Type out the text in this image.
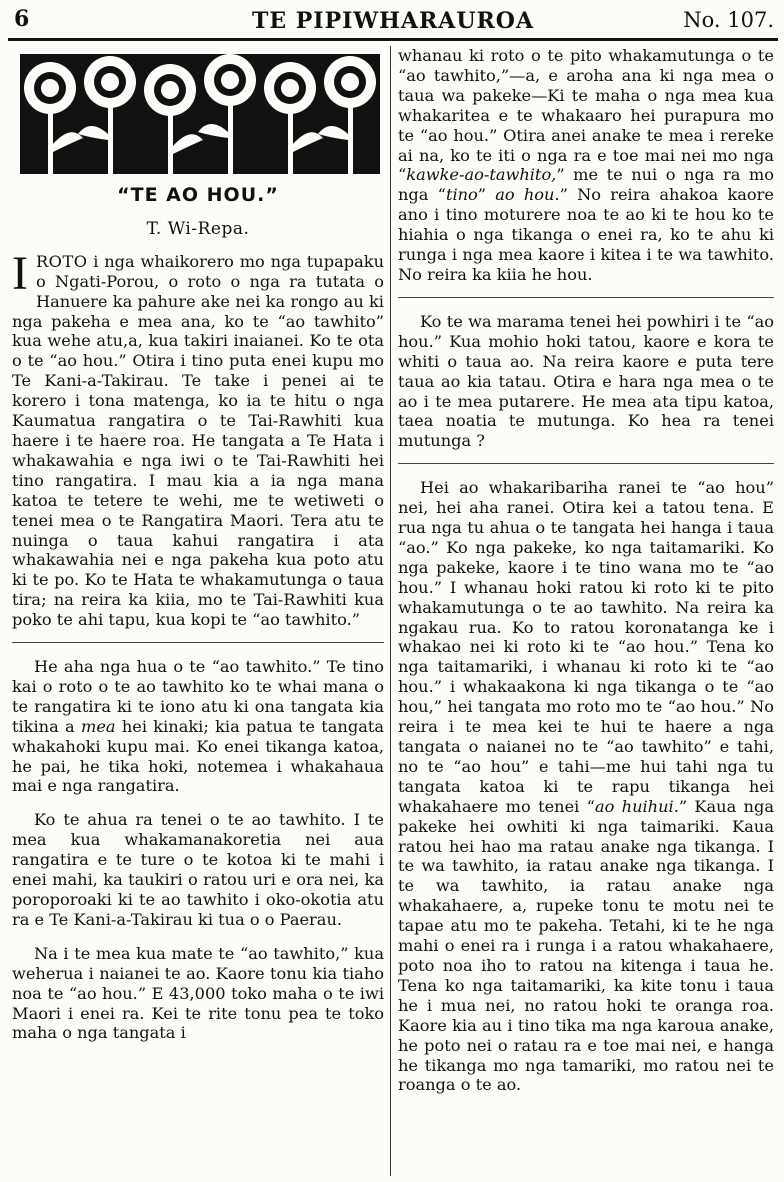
6	TE PIPIWHARAUROA	No. 107.
“TE AO HOU.”
T. Wi-Repa.

IROTO i nga whaikorero mo nga tupapaku o Ngati-Porou, o roto o nga ra tutata o Hanuere ka pahure ake nei ka rongo au ki nga pakeha e mea ana, ko te “ao tawhito” kua wehe atu,a, kua takiri inaianei. Ko te ota o te “ao hou.” Otira i tino puta enei kupu mo Te Kani-a-Takirau. Te take i penei ai te korero i tona matenga, ko ia te hitu o nga Kaumatua rangatira o te Tai-Rawhiti kua haere i te haere roa. He tangata a Te Hata i whakawahia e nga iwi o te Tai-Rawhiti hei tino rangatira. I mau kia a ia nga mana katoa te tetere te wehi, me te wetiweti o tenei mea o te Rangatira Maori. Tera atu te nuinga o taua kahui rangatira i ata whakawahia nei e nga pakeha kua poto atu ki te po. Ko te Hata te whakamutunga o taua tira; na reira ka kiia, mo te Tai-Rawhiti kua poko te ahi tapu, kua kopi te “ao tawhito.”

He aha nga hua o te “ao tawhito.” Te tino kai o roto o te ao tawhito ko te whai mana o te rangatira ki te iono atu ki ona tangata kia tikina a mea hei kinaki; kia patua te tangata whakahoki kupu mai. Ko enei tikanga katoa, he pai, he tika hoki, notemea i whakahaua mai e nga rangatira.

Ko te ahua ra tenei o te ao tawhito. I te mea kua whakamanakoretia nei aua rangatira e te ture o te kotoa ki te mahi i enei mahi, ka taukiri o ratou uri e ora nei, ka poroporoaki ki te ao tawhito i oko-okotia atu ra e Te Kani-a-Takirau ki tua o o Paerau.

Na i te mea kua mate te “ao tawhito,” kua weherua i naianei te ao. Kaore tonu kia tiaho noa te “ao hou.” E 43,000 toko maha o te iwi Maori i enei ra. Kei te rite tonu pea te toko maha o nga tangata i

whanau ki roto o te pito whakamutunga o te “ao tawhito,”—a, e aroha ana ki nga mea o taua wa pakeke—Ki te maha o nga mea kua whakaritea e te whakaaro hei purapura mo te “ao hou.” Otira anei anake te mea i rereke ai na, ko te iti o nga ra e toe mai nei mo nga “kawke-ao-tawhito,” me te nui o nga ra mo nga “tino” ao hou.” No reira ahakoa kaore ano i tino moturere noa te ao ki te hou ko te hiahia o nga tikanga o enei ra, ko te ahu ki runga i nga mea kaore i kitea i te wa tawhito. No reira ka kiia he hou.

Ko te wa marama tenei hei powhiri i te “ao hou.” Kua mohio hoki tatou, kaore e kora te whiti o taua ao. Na reira kaore e puta tere taua ao kia tatau. Otira e hara nga mea o te ao i te mea putarere. He mea ata tipu katoa, taea noatia te mutunga. Ko hea ra tenei mutunga ?

Hei ao whakaribariha ranei te “ao hou” nei, hei aha ranei. Otira kei a tatou tena. E rua nga tu ahua o te tangata hei hanga i taua “ao.” Ko nga pakeke, ko nga taitamariki. Ko nga pakeke, kaore i te tino wana mo te “ao hou.” I whanau hoki ratou ki roto ki te pito whakamutunga o te ao tawhito. Na reira ka ngakau rua. Ko to ratou koronatanga ke i whakao nei ki roto ki te “ao hou.” Tena ko nga taitamariki, i whanau ki roto ki te “ao hou.” i whakaakona ki nga tikanga o te “ao hou,” hei tangata mo roto mo te “ao hou.” No reira i te mea kei te hui te haere a nga tangata o naianei no te “ao tawhito” e tahi, no te “ao hou” e tahi—me hui tahi nga tu tangata katoa ki te rapu tikanga hei whakahaere mo tenei “ao huihui.” Kaua nga pakeke hei owhiti ki nga taimariki. Kaua ratou hei hao ma ratau anake nga tikanga. I te wa tawhito, ia ratau anake nga tikanga. I te wa tawhito, ia ratau anake nga whakahaere, a, rupeke tonu te motu nei te tapae atu mo te pakeha. Tetahi, ki te he nga mahi o enei ra i runga i a ratou whakahaere, poto noa iho to ratou na kitenga i taua he. Tena ko nga taitamariki, ka kite tonu i taua he i mua nei, no ratou hoki te oranga roa. Kaore kia au i tino tika ma nga karoua anake, he poto nei o ratau ra e toe mai nei, e hanga he tikanga mo nga tamariki, mo ratou nei te roanga o te ao.
